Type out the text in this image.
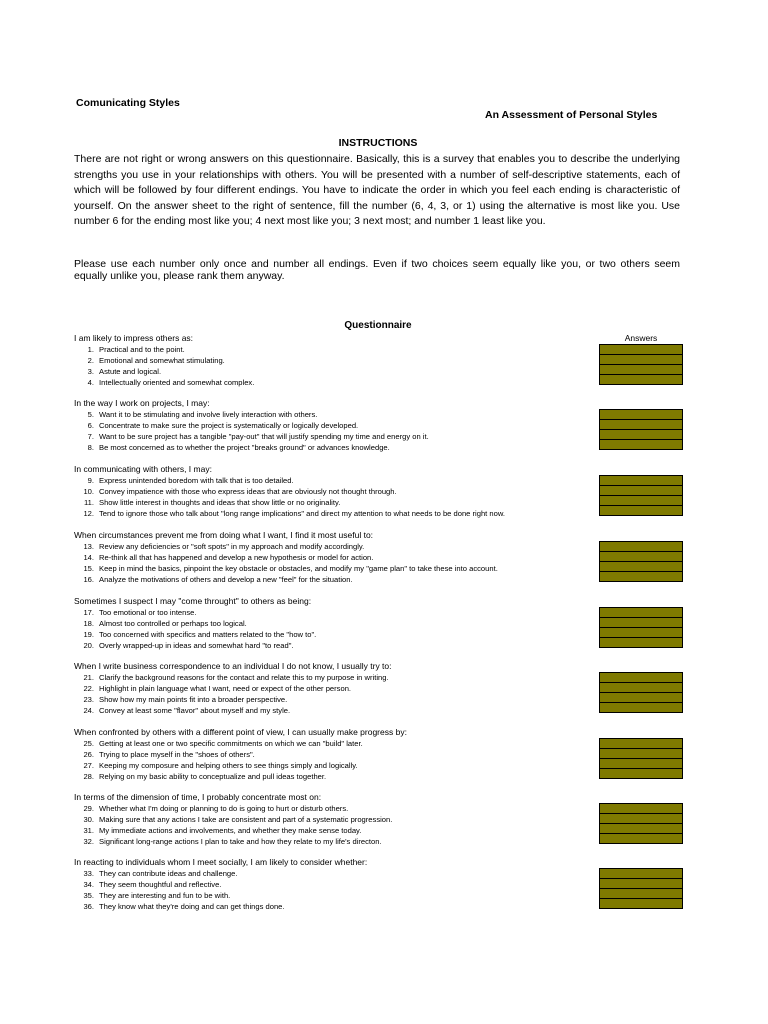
Comunicating Styles
An Assessment of Personal Styles
INSTRUCTIONS
There are not right or wrong answers on this questionnaire. Basically, this is a survey that enables you to describe the underlying strengths you use in your relationships with others. You will be presented with a number of self-descriptive statements, each of which will be followed by four different endings. You have to indicate the order in which you feel each ending is characteristic of yourself. On the answer sheet to the right of sentence, fill the number (6, 4, 3, or 1) using the alternative is most like you. Use number 6 for the ending most like you; 4 next most like you; 3 next most; and number 1 least like you.
Please use each number only once and number all endings. Even if two choices seem equally like you, or two others seem equally unlike you, please rank them anyway.
Questionnaire
Answers
I am likely to impress others as:
1. Practical and to the point.
2. Emotional and somewhat stimulating.
3. Astute and logical.
4. Intellectually oriented and somewhat complex.
In the way I work on projects, I may:
5. Want it to be stimulating and involve lively interaction with others.
6. Concentrate to make sure the project is systematically or logically developed.
7. Want to be sure project has a tangible "pay-out" that will justify spending my time and energy on it.
8. Be most concerned as to whether the project "breaks ground" or advances knowledge.
In communicating with others, I may:
9. Express unintended boredom with talk that is too detailed.
10. Convey impatience with those who express ideas that are obviously not thought through.
11. Show little interest in thoughts and ideas that show little or no originality.
12. Tend to ignore those who talk about "long range implications" and direct my attention to what needs to be done right now.
When circumstances prevent me from doing what I want, I find it most useful to:
13. Review any deficiencies or "soft spots" in my approach and modify accordingly.
14. Re-think all that has happened and develop a new hypothesis or model for action.
15. Keep in mind the basics, pinpoint the key obstacle or obstacles, and modify my "game plan" to take these into account.
16. Analyze the motivations of others and develop a new "feel" for the situation.
Sometimes I suspect I may "come throught" to others as being:
17. Too emotional or too intense.
18. Almost too controlled or perhaps too logical.
19. Too concerned with specifics and matters related to the "how to".
20. Overly wrapped-up in ideas and somewhat hard "to read".
When I write business correspondence to an individual I do not know, I usually try to:
21. Clarify the background reasons for the contact and relate this to my purpose in writing.
22. Highlight in plain language what I want, need or expect of the other person.
23. Show how my main points fit into a broader perspective.
24. Convey at least some "flavor" about myself and my style.
When confronted by others with a different point of view, I can usually make progress by:
25. Getting at least one or two specific commitments on which we can "build" later.
26. Trying to place myself in the "shoes of others".
27. Keeping my composure and helping others to see things simply and logically.
28. Relying on my basic ability to conceptualize and pull ideas together.
In terms of the dimension of time, I probably concentrate most on:
29. Whether what I'm doing or planning to do is going to hurt or disturb others.
30. Making sure that any actions I take are consistent and part of a systematic progression.
31. My immediate actions and involvements, and whether they make sense today.
32. Significant long-range actions I plan to take and how they relate to my life's directon.
In reacting to individuals whom I meet socially, I am likely to consider whether:
33. They can contribute ideas and challenge.
34. They seem thoughtful and reflective.
35. They are interesting and fun to be with.
36. They know what they're doing and can get things done.
